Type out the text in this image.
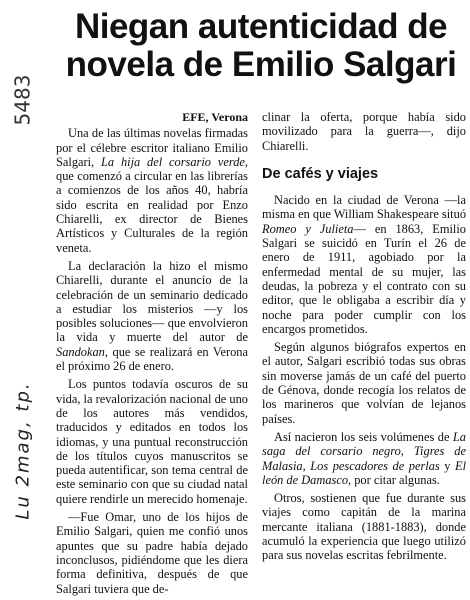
5483
Lu 2mag, tp.
Niegan autenticidad de
novela de Emilio Salgari
EFE, Verona

Una de las últimas novelas firmadas por el célebre escritor italiano Emilio Salgari, La hija del corsario verde, que comenzó a circular en las librerías a comienzos de los años 40, habría sido escrita en realidad por Enzo Chiarelli, ex director de Bienes Artísticos y Culturales de la región veneta.

La declaración la hizo el mismo Chiarelli, durante el anuncio de la celebración de un seminario dedicado a estudiar los misterios —y los posibles soluciones— que envolvieron la vida y muerte del autor de Sandokan, que se realizará en Verona el próximo 26 de enero.

Los puntos todavía oscuros de su vida, la revalorización nacional de uno de los autores más vendidos, traducidos y editados en todos los idiomas, y una puntual reconstrucción de los títulos cuyos manuscritos se pueda autentificar, son tema central de este seminario con que su ciudad natal quiere rendirle un merecido homenaje.

—Fue Omar, uno de los hijos de Emilio Salgari, quien me confió unos apuntes que su padre había dejado inconclusos, pidiéndome que les diera forma definitiva, después de que Salgari tuviera que de-

clinar la oferta, porque había sido movilizado para la guerra—, dijo Chiarelli.

De cafés y viajes

Nacido en la ciudad de Verona —la misma en que William Shakespeare situó Romeo y Julieta— en 1863, Emilio Salgari se suicidó en Turín el 26 de enero de 1911, agobiado por la enfermedad mental de su mujer, las deudas, la pobreza y el contrato con su editor, que le obligaba a escribir día y noche para poder cumplir con los encargos prometidos.

Según algunos biógrafos expertos en el autor, Salgari escribió todas sus obras sin moverse jamás de un café del puerto de Génova, donde recogía los relatos de los marineros que volvían de lejanos países.

Así nacieron los seis volúmenes de La saga del corsario negro, Tigres de Malasia, Los pescadores de perlas y El león de Damasco, por citar algunas.

Otros, sostienen que fue durante sus viajes como capitán de la marina mercante italiana (1881-1883), donde acumuló la experiencia que luego utilizó para sus novelas escritas febrilmente.
